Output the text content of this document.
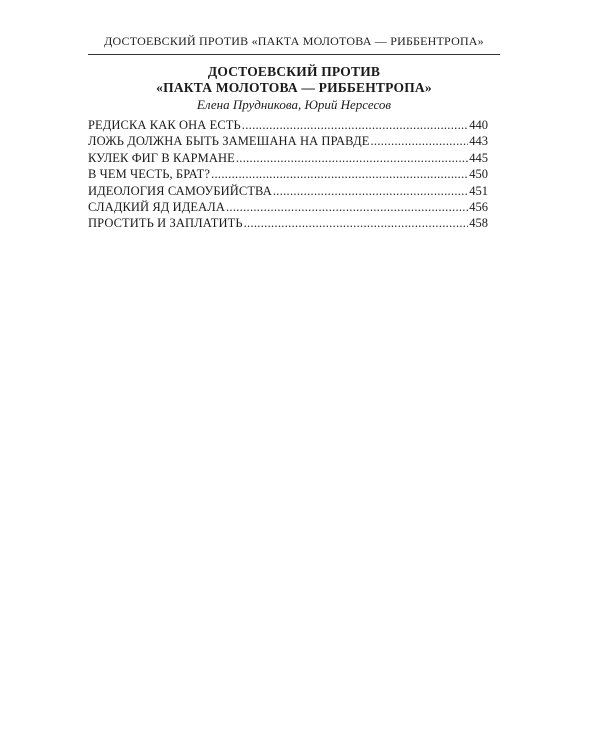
ДОСТОЕВСКИЙ ПРОТИВ «ПАКТА МОЛОТОВА — РИББЕНТРОПА»
ДОСТОЕВСКИЙ ПРОТИВ
«ПАКТА МОЛОТОВА — РИББЕНТРОПА»
Елена Прудникова, Юрий Нерсесов
РЕДИСКА КАК ОНА ЕСТЬ .....	440
ЛОЖЬ ДОЛЖНА БЫТЬ ЗАМЕШАНА НА ПРАВДЕ .....	443
КУЛЕК ФИГ В КАРМАНЕ .....	445
В ЧЕМ ЧЕСТЬ, БРАТ? .....	450
ИДЕОЛОГИЯ САМОУБИЙСТВА .....	451
СЛАДКИЙ ЯД ИДЕАЛА .....	456
ПРОСТИТЬ И ЗАПЛАТИТЬ .....	458
